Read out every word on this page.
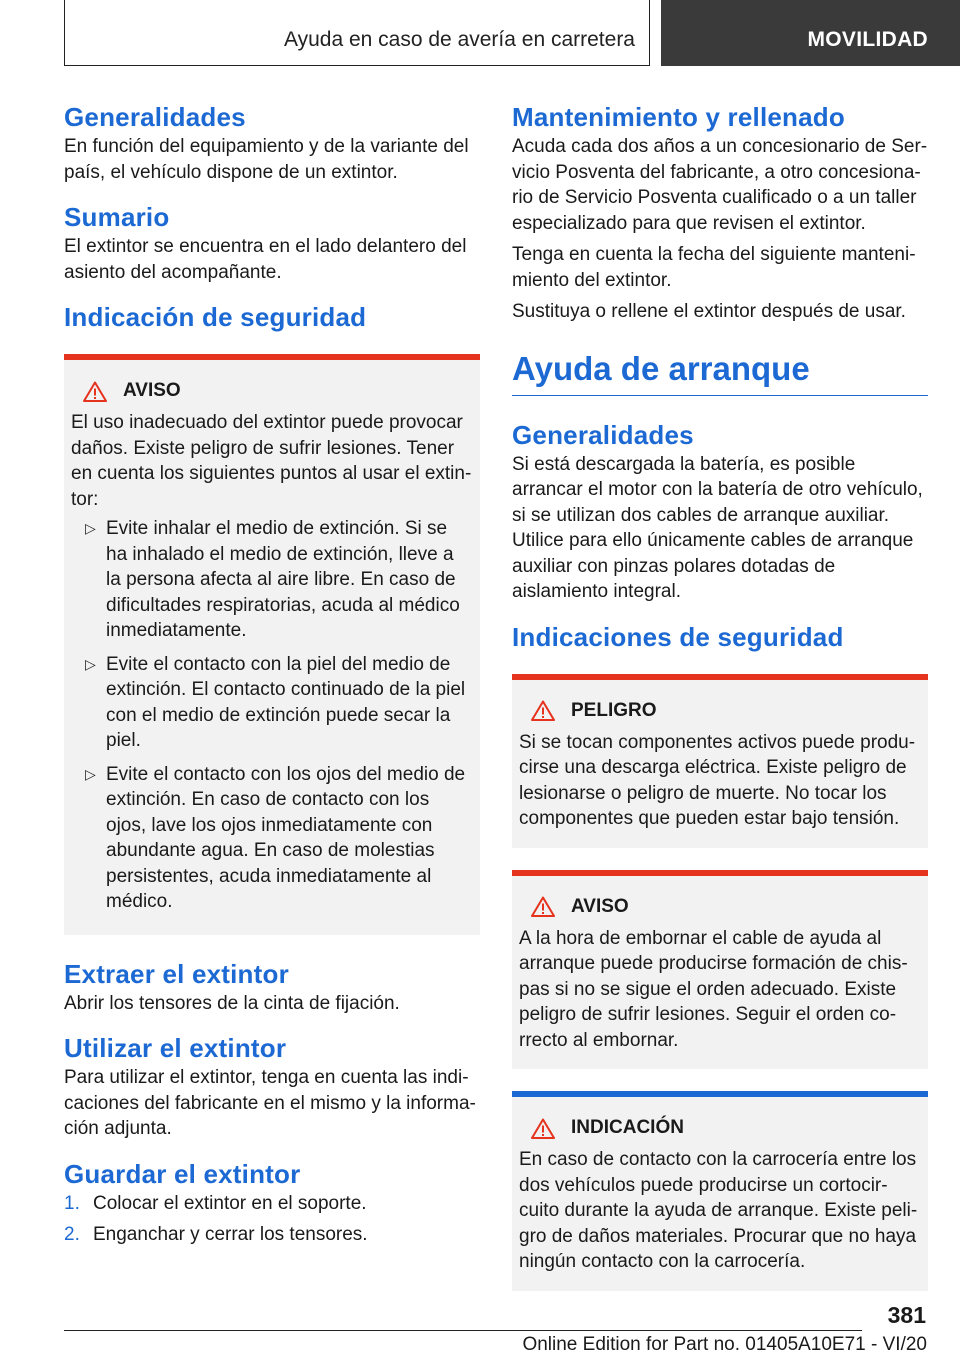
Ayuda en caso de avería en carretera	MOVILIDAD
Generalidades

En función del equipamiento y de la variante del país, el vehículo dispone de un extintor.

Sumario

El extintor se encuentra en el lado delantero del asiento del acompañante.

Indicación de seguridad
AVISO

El uso inadecuado del extintor puede provocar daños. Existe peligro de sufrir lesiones. Tener en cuenta los siguientes puntos al usar el extintor:

▷ Evite inhalar el medio de extinción. Si se ha inhalado el medio de extinción, lleve a la persona afecta al aire libre. En caso de dificultades respiratorias, acuda al médico inmediatamente.
▷ Evite el contacto con la piel del medio de extinción. El contacto continuado de la piel con el medio de extinción puede secar la piel.
▷ Evite el contacto con los ojos del medio de extinción. En caso de contacto con los ojos, lave los ojos inmediatamente con abundante agua. En caso de molestias persistentes, acuda inmediatamente al médico.
Extraer el extintor

Abrir los tensores de la cinta de fijación.

Utilizar el extintor

Para utilizar el extintor, tenga en cuenta las indicaciones del fabricante en el mismo y la información adjunta.

Guardar el extintor
1. Colocar el extintor en el soporte.
2. Enganchar y cerrar los tensores.
Mantenimiento y rellenado

Acuda cada dos años a un concesionario de Servicio Posventa del fabricante, a otro concesionario de Servicio Posventa cualificado o a un taller especializado para que revisen el extintor.

Tenga en cuenta la fecha del siguiente mantenimiento del extintor.

Sustituya o rellene el extintor después de usar.

Ayuda de arranque
Generalidades

Si está descargada la batería, es posible arrancar el motor con la batería de otro vehículo, si se utilizan dos cables de arranque auxiliar. Utilice para ello únicamente cables de arranque auxiliar con pinzas polares dotadas de aislamiento integral.

Indicaciones de seguridad
PELIGRO

Si se tocan componentes activos puede producirse una descarga eléctrica. Existe peligro de lesionarse o peligro de muerte. No tocar los componentes que pueden estar bajo tensión.

AVISO

A la hora de embornar el cable de ayuda al arranque puede producirse formación de chispas si no se sigue el orden adecuado. Existe peligro de sufrir lesiones. Seguir el orden correcto al embornar.

INDICACIÓN

En caso de contacto con la carrocería entre los dos vehículos puede producirse un cortocircuito durante la ayuda de arranque. Existe peligro de daños materiales. Procurar que no haya ningún contacto con la carrocería.

381
Online Edition for Part no. 01405A10E71 - VI/20
